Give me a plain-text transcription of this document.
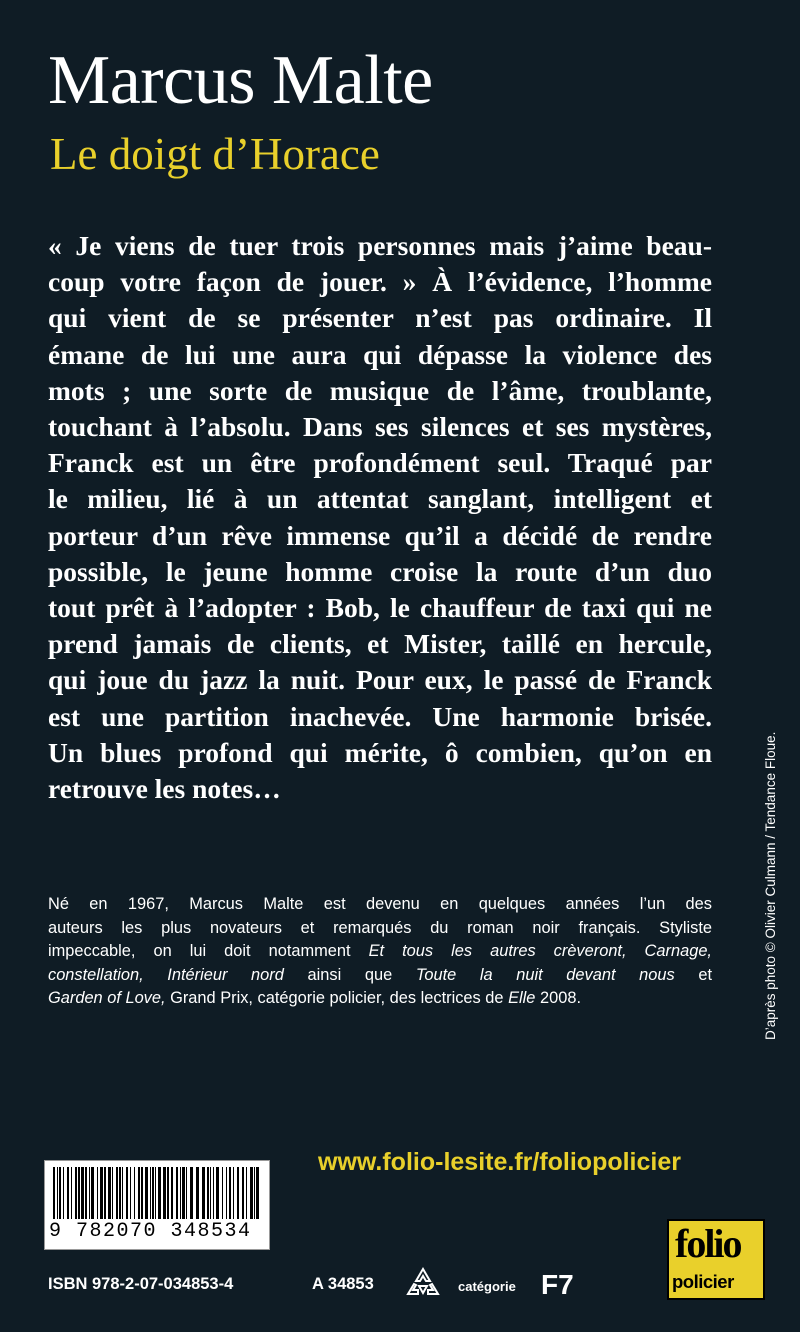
Marcus Malte
Le doigt d’Horace
« Je viens de tuer trois personnes mais j’aime beau-
coup votre façon de jouer. » À l’évidence, l’homme
qui vient de se présenter n’est pas ordinaire. Il
émane de lui une aura qui dépasse la violence des
mots ; une sorte de musique de l’âme, troublante,
touchant à l’absolu. Dans ses silences et ses mystères,
Franck est un être profondément seul. Traqué par
le milieu, lié à un attentat sanglant, intelligent et
porteur d’un rêve immense qu’il a décidé de rendre
possible, le jeune homme croise la route d’un duo
tout prêt à l’adopter : Bob, le chauffeur de taxi qui ne
prend jamais de clients, et Mister, taillé en hercule,
qui joue du jazz la nuit. Pour eux, le passé de Franck
est une partition inachevée. Une harmonie brisée.
Un blues profond qui mérite, ô combien, qu’on en
retrouve les notes…
Né en 1967, Marcus Malte est devenu en quelques années l’un des
auteurs les plus novateurs et remarqués du roman noir français. Styliste
impeccable, on lui doit notamment Et tous les autres crèveront, Carnage,
constellation, Intérieur nord ainsi que Toute la nuit devant nous et
Garden of Love, Grand Prix, catégorie policier, des lectrices de Elle 2008.	D’après photo © Olivier Culmann / Tendance Floue.
www.folio-lesite.fr/foliopolicier
9 782070 348534
ISBN 978-2-07-034853-4	A 34853	catégorie F7
folio
policier
